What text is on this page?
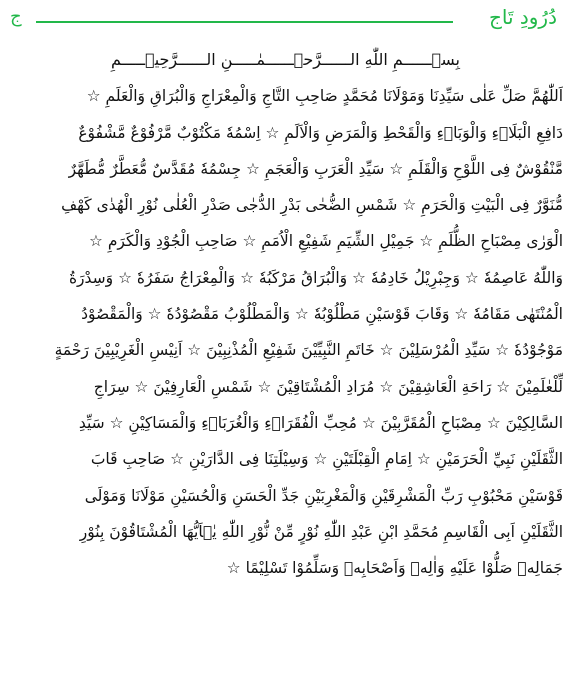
دُرُودِ تَاج
ج
بِسۡــــــمِ اللّٰهِ الــــــرَّحۡــــــمٰـــــنِ الــــــرَّحِيۡـــــمِ
اَللّٰهُمَّ صَلِّ عَلٰى سَيِّدِنَا وَمَوْلَانَا مُحَمَّدٍ صَاحِبِ التَّاجِ وَالْمِعْرَاجِ وَالْبُرَاقِ وَالْعَلَمِ ☆
دَافِعِ الْبَلَاۤءِ وَالْوَبَاۤءِ وَالْقَحْطِ وَالْمَرَضِ وَالْاَلَمِ ☆ اِسْمُهٗ مَكْتُوْبٌ مَّرْفُوْعٌ مَّشْفُوْعٌ
مَّنْقُوْشٌ فِى اللَّوْحِ وَالْقَلَمِ ☆ سَيِّدِ الْعَرَبِ وَالْعَجَمِ ☆ جِسْمُهٗ مُقَدَّسٌ مُّعَطَّرٌ مُّطَهَّرٌ
مُّنَوَّرٌ فِى الْبَيْتِ وَالْحَرَمِ ☆ شَمْسِ الضُّحٰى بَدْرِ الدُّجٰى صَدْرِ الْعُلٰى نُوْرِ الْهُدٰى كَهْفِ
الْوَرٰى مِصْبَاحِ الظُّلَمِ ☆ جَمِيْلِ الشِّيَمِ شَفِيْعِ الْاُمَمِ ☆ صَاحِبِ الْجُوْدِ وَالْكَرَمِ ☆
وَاللّٰهُ عَاصِمُهٗ ☆ وَجِبْرِيْلُ خَادِمُهٗ ☆ وَالْبُرَاقُ مَرْكَبُهٗ ☆ وَالْمِعْرَاجُ سَفَرُهٗ ☆ وَسِدْرَةُ
الْمُنْتَهٰى مَقَامُهٗ ☆ وَقَابَ قَوْسَيْنِ مَطْلُوْبُهٗ ☆ وَالْمَطْلُوْبُ مَقْصُوْدُهٗ ☆ وَالْمَقْصُوْدُ
مَوْجُوْدُهٗ ☆ سَيِّدِ الْمُرْسَلِيْنَ ☆ خَاتَمِ النَّبِيِّيْنَ شَفِيْعِ الْمُذْنِبِيْنَ ☆ اَنِيْسِ الْغَرِيْبِيْنَ رَحْمَةٍ
لِّلْعٰلَمِيْنَ ☆ رَاحَةِ الْعَاشِقِيْنَ ☆ مُرَادِ الْمُشْتَاقِيْنَ ☆ شَمْسِ الْعَارِفِيْنَ ☆ سِرَاجِ
السَّالِكِيْنَ ☆ مِصْبَاحِ الْمُقَرَّبِيْنَ ☆ مُحِبِّ الْفُقَرَاۤءِ وَالْغُرَبَاۤءِ وَالْمَسَاكِيْنِ ☆ سَيِّدِ
الثَّقَلَيْنِ نَبِيِّ الْحَرَمَيْنِ ☆ اِمَامِ الْقِبْلَتَيْنِ ☆ وَسِيْلَتِنَا فِى الدَّارَيْنِ ☆ صَاحِبِ قَابَ
قَوْسَيْنِ مَحْبُوْبِ رَبِّ الْمَشْرِقَيْنِ وَالْمَغْرِبَيْنِ جَدِّ الْحَسَنِ وَالْحُسَيْنِ مَوْلَانَا وَمَوْلَى
الثَّقَلَيْنِ اَبِى الْقَاسِمِ مُحَمَّدِ ابْنِ عَبْدِ اللّٰهِ نُوْرٍ مِّنْ نُّوْرِ اللّٰهِ يٰۤاَيُّهَا الْمُشْتَاقُوْنَ بِنُوْرِ
جَمَالِهٖ صَلُّوْا عَلَيْهِ وَاٰلِهٖ وَاَصْحَابِهٖ وَسَلِّمُوْا تَسْلِيْمًا ☆
